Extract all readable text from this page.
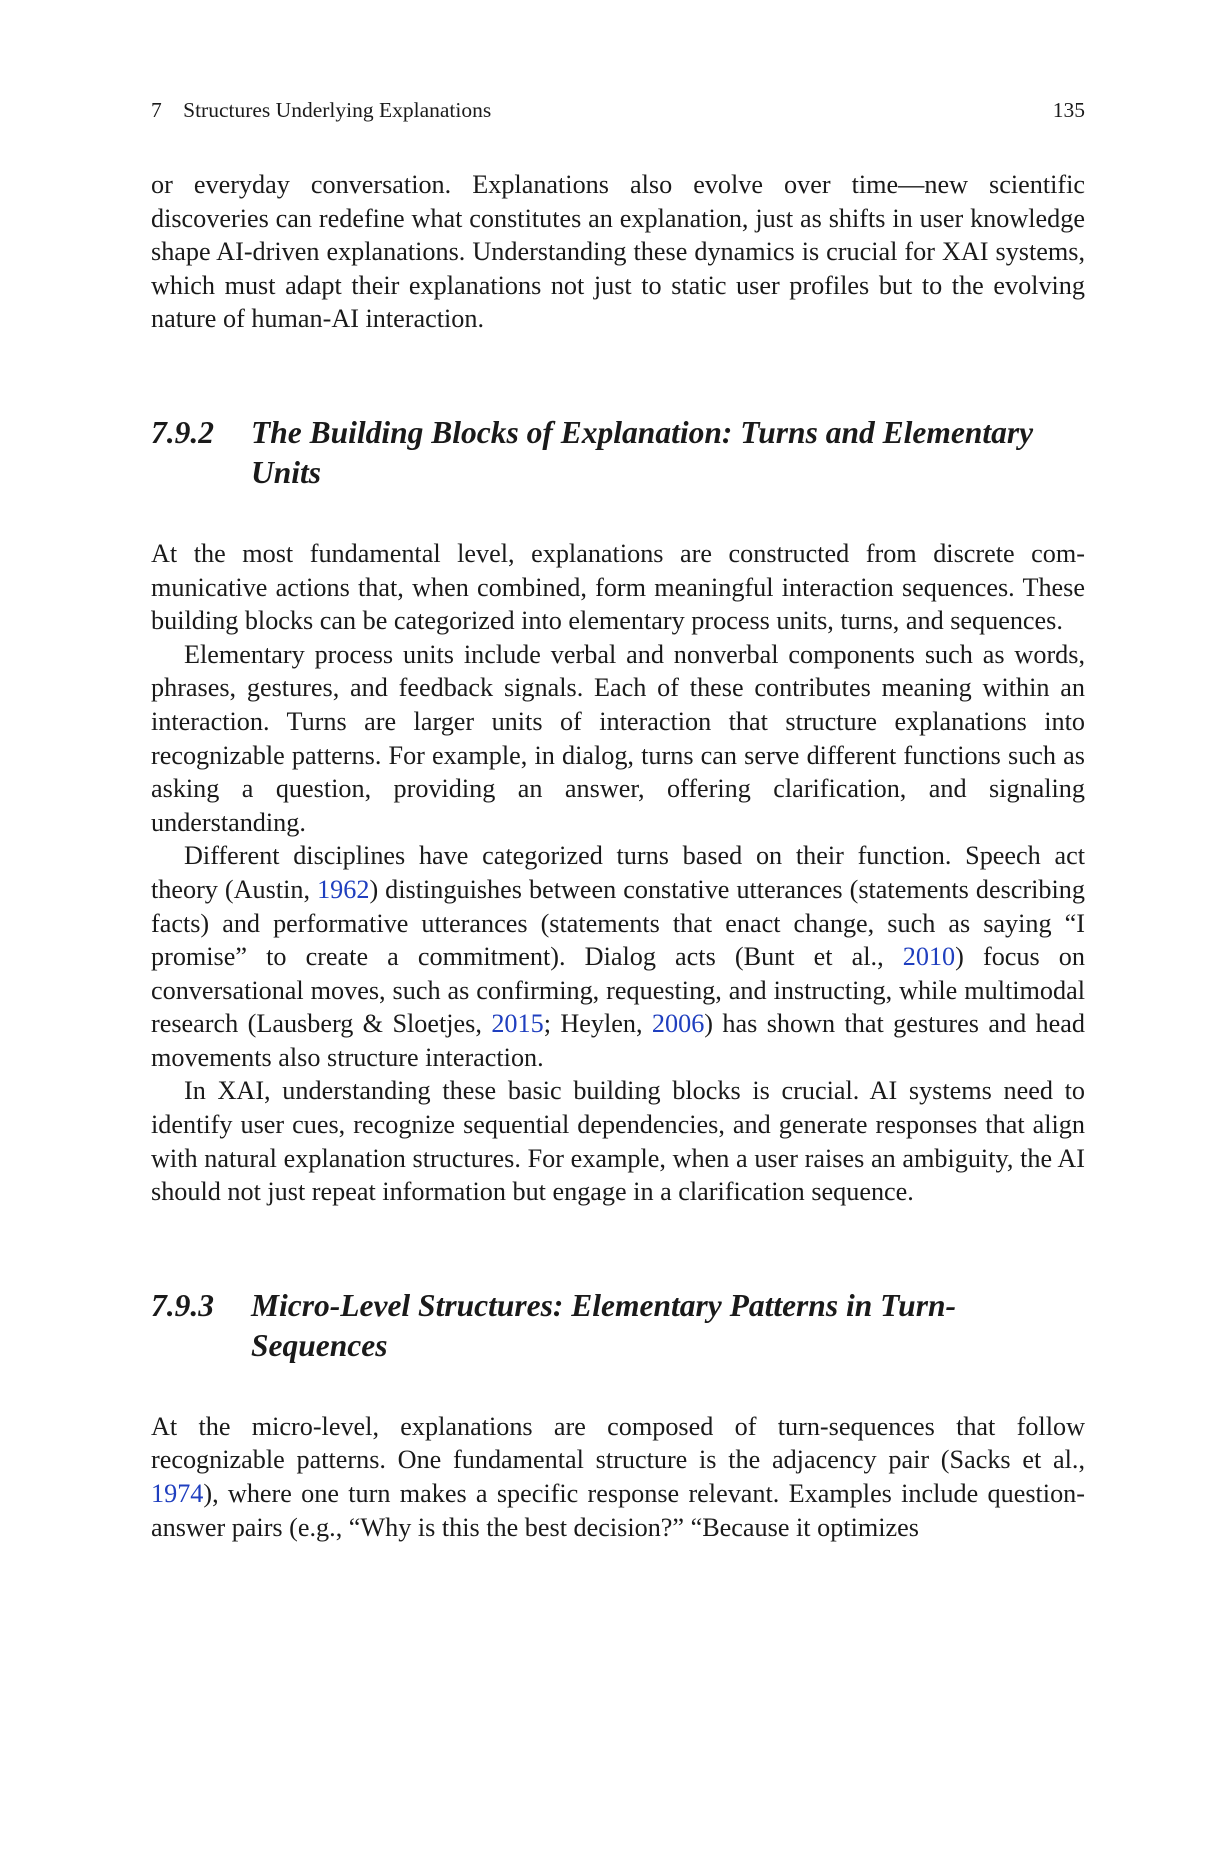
7 Structures Underlying Explanations	135

or everyday conversation. Explanations also evolve over time—new scientific discoveries can redefine what constitutes an explanation, just as shifts in user knowledge shape AI-driven explanations. Understanding these dynamics is crucial for XAI systems, which must adapt their explanations not just to static user profiles but to the evolving nature of human-AI interaction.

7.9.2	The Building Blocks of Explanation: Turns and Elementary Units

At the most fundamental level, explanations are constructed from discrete communicative actions that, when combined, form meaningful interaction sequences. These building blocks can be categorized into elementary process units, turns, and sequences.

Elementary process units include verbal and nonverbal components such as words, phrases, gestures, and feedback signals. Each of these contributes meaning within an interaction. Turns are larger units of interaction that structure explanations into recognizable patterns. For example, in dialog, turns can serve different functions such as asking a question, providing an answer, offering clarification, and signaling understanding.

Different disciplines have categorized turns based on their function. Speech act theory (Austin, 1962) distinguishes between constative utterances (statements describing facts) and performative utterances (statements that enact change, such as saying “I promise” to create a commitment). Dialog acts (Bunt et al., 2010) focus on conversational moves, such as confirming, requesting, and instructing, while multimodal research (Lausberg & Sloetjes, 2015; Heylen, 2006) has shown that gestures and head movements also structure interaction.

In XAI, understanding these basic building blocks is crucial. AI systems need to identify user cues, recognize sequential dependencies, and generate responses that align with natural explanation structures. For example, when a user raises an ambiguity, the AI should not just repeat information but engage in a clarification sequence.

7.9.3	Micro-Level Structures: Elementary Patterns in Turn-Sequences

At the micro-level, explanations are composed of turn-sequences that follow recognizable patterns. One fundamental structure is the adjacency pair (Sacks et al., 1974), where one turn makes a specific response relevant. Examples include question-answer pairs (e.g., “Why is this the best decision?” “Because it optimizes
